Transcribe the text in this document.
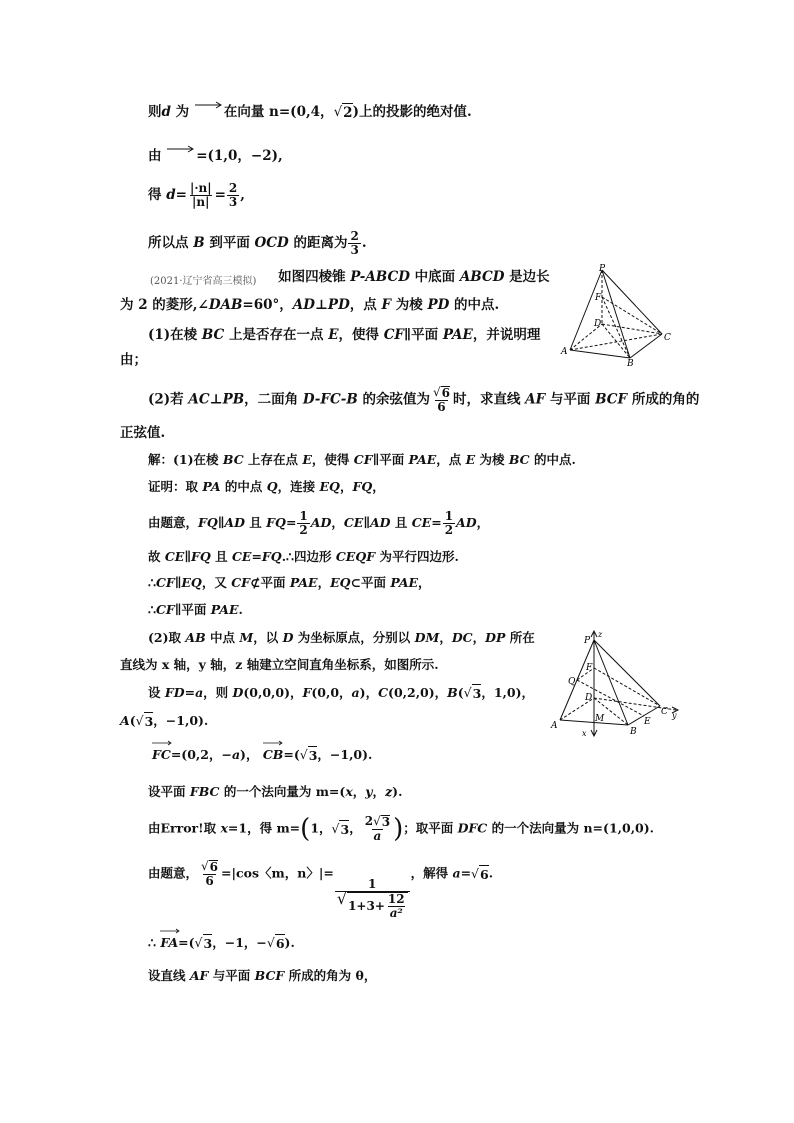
则d 为	在向量 n=(0,4， √ 2 )上的投影的绝对值.
由	=(1,0，−2),
得 $d= \frac{|\cdot n|}{|n|} = \frac{2}{3}$ ,
所以点 B 到平面 OCD 的距离为 $\frac{2}{3}$ .
(2021·辽宁省高三模拟)	如图四棱锥 P-ABCD 中底面 ABCD 是边长
为 2 的菱形,∠DAB=60°，AD⊥PD，点 F 为棱 PD 的中点.
(1)在棱 BC 上是否存在一点 E，使得 CF∥平面 PAE，并说明理
由；
P
F
D
A
B
C
(2)若 AC⊥PB，二面角 D-FC-B 的余弦值为 $\frac{√ 6}{6}$ 时，求直线 AF 与平面 BCF 所成的角的
正弦值.
解：(1)在棱 BC 上存在点 E，使得 CF∥平面 PAE，点 E 为棱 BC 的中点.
证明：取 PA 的中点 Q，连接 EQ，FQ，
由题意，FQ∥AD 且 $FQ= \frac{1}{2}$ AD，CE∥AD 且 $CE= \frac{1}{2}$ AD，
故 CE∥FQ 且 CE=FQ.∴四边形 CEQF 为平行四边形.
∴CF∥EQ，又 CF⊄平面 PAE，EQ⊂平面 PAE，
∴CF∥平面 PAE.
(2)取 AB 中点 M，以 D 为坐标原点，分别以 DM，DC，DP 所在
直线为 x 轴，y 轴，z 轴建立空间直角坐标系，如图所示.
设 FD=a，则 D(0,0,0)，F(0,0，a)，C(0,2,0)，B( √ 3 ，1,0)，
A( √ 3 ，−1,0).
z
P
F
Q
D
A
M
B
E
C y
x
FC=(0,2，−a)， CB=( √ 3 ，−1,0).
设平面 FBC 的一个法向量为 m=(x，y，z).
由Error!取 x=1，得 m=(1， √ 3 ， $\frac{2 √ 3}{a}$ )；取平面 DFC 的一个法向量为 n=(1,0,0).
由题意， $\frac{√ 6}{6} =|\cos$〈m，n〉|=
$\frac{1}{√ 1+3+ \frac{12}{\text{a²}}}$
，解得 a= √ 6 .
∴ FA=( √ 3 ，−1，− √ 6 ).
设直线 AF 与平面 BCF 所成的角为 θ，
